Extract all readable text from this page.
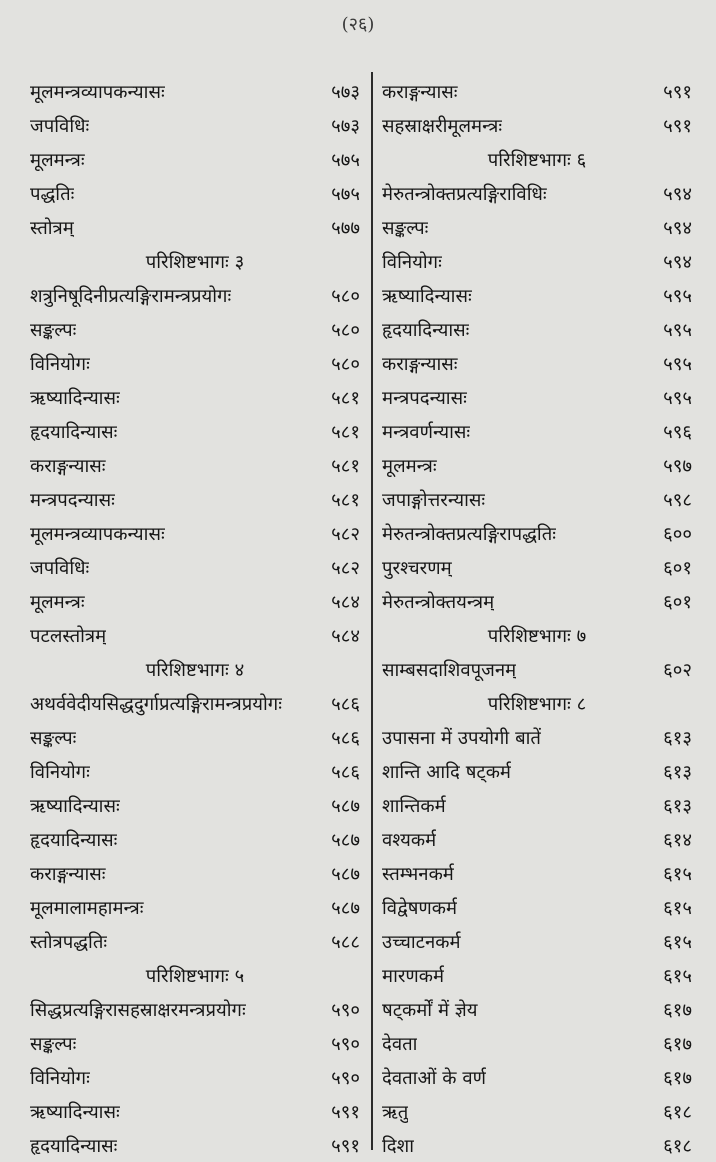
(२६)
मूलमन्त्रव्यापकन्यासः	५७३
जपविधिः	५७३
मूलमन्त्रः	५७५
पद्धतिः	५७५
स्तोत्रम्	५७७
परिशिष्टभागः ३
शत्रुनिषूदिनीप्रत्यङ्गिरामन्त्रप्रयोगः	५८०
सङ्कल्पः	५८०
विनियोगः	५८०
ऋष्यादिन्यासः	५८१
हृदयादिन्यासः	५८१
कराङ्गन्यासः	५८१
मन्त्रपदन्यासः	५८१
मूलमन्त्रव्यापकन्यासः	५८२
जपविधिः	५८२
मूलमन्त्रः	५८४
पटलस्तोत्रम्	५८४
परिशिष्टभागः ४
अथर्ववेदीयसिद्धदुर्गाप्रत्यङ्गिरामन्त्रप्रयोगः	५८६
सङ्कल्पः	५८६
विनियोगः	५८६
ऋष्यादिन्यासः	५८७
हृदयादिन्यासः	५८७
कराङ्गन्यासः	५८७
मूलमालामहामन्त्रः	५८७
स्तोत्रपद्धतिः	५८८
परिशिष्टभागः ५
सिद्धप्रत्यङ्गिरासहस्राक्षरमन्त्रप्रयोगः	५९०
सङ्कल्पः	५९०
विनियोगः	५९०
ऋष्यादिन्यासः	५९१
हृदयादिन्यासः	५९१
कराङ्गन्यासः	५९१
सहस्राक्षरीमूलमन्त्रः	५९१
परिशिष्टभागः ६
मेरुतन्त्रोक्तप्रत्यङ्गिराविधिः	५९४
सङ्कल्पः	५९४
विनियोगः	५९४
ऋष्यादिन्यासः	५९५
हृदयादिन्यासः	५९५
कराङ्गन्यासः	५९५
मन्त्रपदन्यासः	५९५
मन्त्रवर्णन्यासः	५९६
मूलमन्त्रः	५९७
जपाङ्गोत्तरन्यासः	५९८
मेरुतन्त्रोक्तप्रत्यङ्गिरापद्धतिः	६००
पुरश्चरणम्	६०१
मेरुतन्त्रोक्तयन्त्रम्	६०१
परिशिष्टभागः ७
साम्बसदाशिवपूजनम्	६०२
परिशिष्टभागः ८
उपासना में उपयोगी बातें	६१३
शान्ति आदि षट्कर्म	६१३
शान्तिकर्म	६१३
वश्यकर्म	६१४
स्तम्भनकर्म	६१५
विद्वेषणकर्म	६१५
उच्चाटनकर्म	६१५
मारणकर्म	६१५
षट्कर्मों में ज्ञेय	६१७
देवता	६१७
देवताओं के वर्ण	६१७
ऋतु	६१८
दिशा	६१८
